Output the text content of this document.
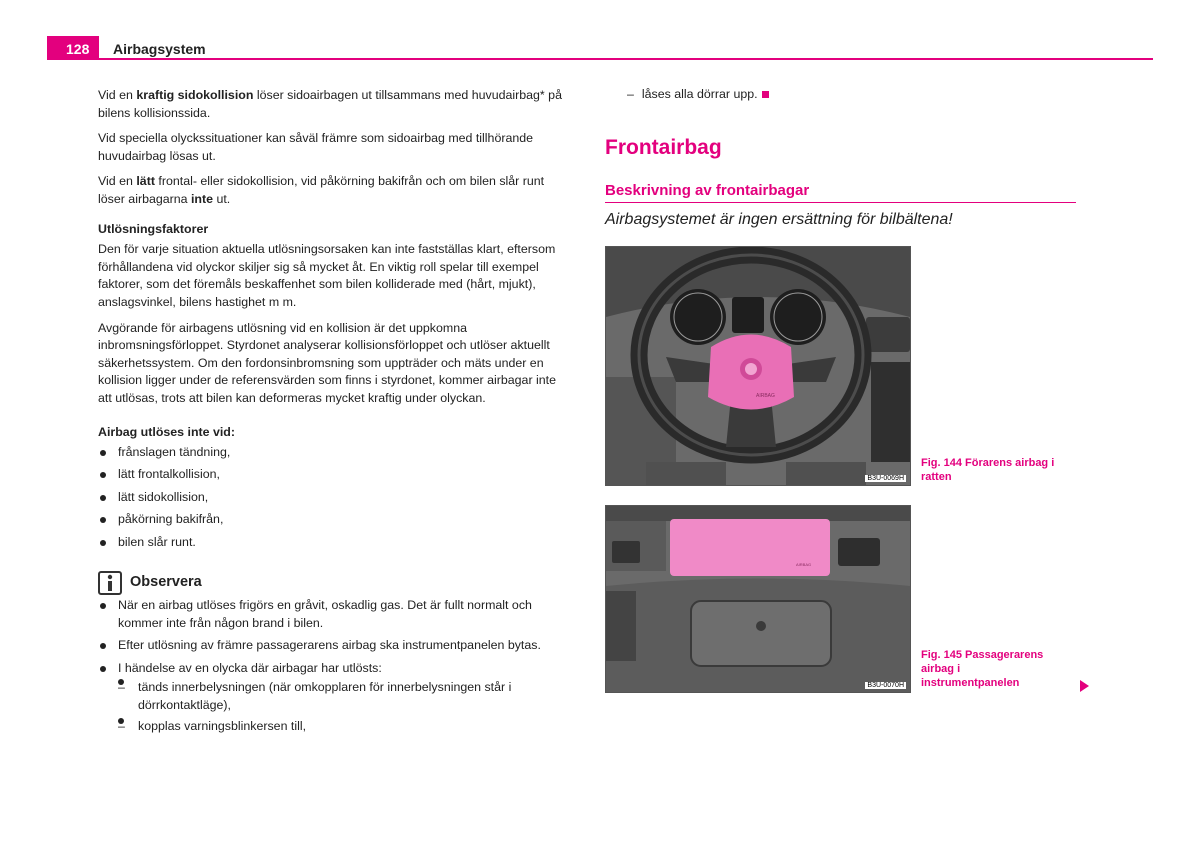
128 Airbagsystem

Vid en kraftig sidokollision löser sidoairbagen ut tillsammans med huvudairbag* på bilens kollisionssida.

Vid speciella olyckssituationer kan såväl främre som sidoairbag med tillhörande huvudairbag lösas ut.

Vid en lätt frontal- eller sidokollision, vid påkörning bakifrån och om bilen slår runt löser airbagarna inte ut.

Utlösningsfaktorer

Den för varje situation aktuella utlösningsorsaken kan inte fastställas klart, eftersom förhållandena vid olyckor skiljer sig så mycket åt. En viktig roll spelar till exempel faktorer, som det föremåls beskaffenhet som bilen kolliderade med (hårt, mjukt), anslagsvinkel, bilens hastighet m m.

Avgörande för airbagens utlösning vid en kollision är det uppkomna inbromsningsförloppet. Styrdonet analyserar kollisionsförloppet och utlöser aktuellt säkerhetssystem. Om den fordonsinbromsning som uppträder och mäts under en kollision ligger under de referensvärden som finns i styrdonet, kommer airbagar inte att utlösas, trots att bilen kan deformeras mycket kraftig under olyckan.

Airbag utlöses inte vid:
frånslagen tändning,
lätt frontalkollision,
lätt sidokollision,
påkörning bakifrån,
bilen slår runt.
Observera
När en airbag utlöses frigörs en gråvit, oskadlig gas. Det är fullt normalt och kommer inte från någon brand i bilen.
Efter utlösning av främre passagerarens airbag ska instrumentpanelen bytas.
I händelse av en olycka där airbagar har utlösts:
– tänds innerbelysningen (när omkopplaren för innerbelysningen står i dörrkontaktläge),
– kopplas varningsblinkersen till,
– låses alla dörrar upp.
Frontairbag
Beskrivning av frontairbagar
Airbagsystemet är ingen ersättning för bilbältena!
AIRBAG
B3U-0069H
Fig. 144 Förarens airbag i ratten
AIRBAG
B3U-0070H
Fig. 145 Passagerarens airbag i instrumentpanelen
